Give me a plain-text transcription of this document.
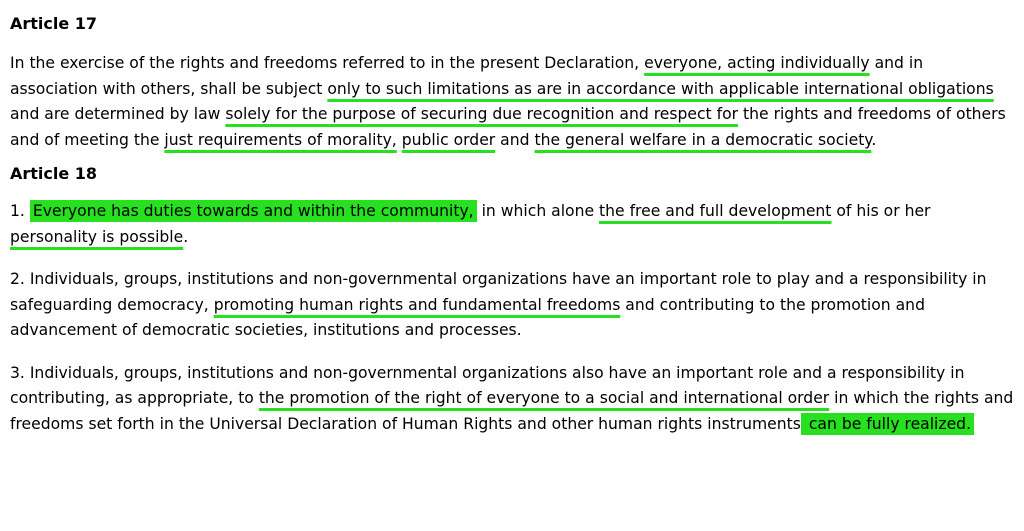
Article 17

In the exercise of the rights and freedoms referred to in the present Declaration, everyone, acting individually and in association with others, shall be subject only to such limitations as are in accordance with applicable international obligations and are determined by law solely for the purpose of securing due recognition and respect for the rights and freedoms of others and of meeting the just requirements of morality, public order and the general welfare in a democratic society.

Article 18

1. Everyone has duties towards and within the community, in which alone the free and full development of his or her personality is possible.

2. Individuals, groups, institutions and non-governmental organizations have an important role to play and a responsibility in safeguarding democracy, promoting human rights and fundamental freedoms and contributing to the promotion and advancement of democratic societies, institutions and processes.

3. Individuals, groups, institutions and non-governmental organizations also have an important role and a responsibility in contributing, as appropriate, to the promotion of the right of everyone to a social and international order in which the rights and freedoms set forth in the Universal Declaration of Human Rights and other human rights instruments can be fully realized.
